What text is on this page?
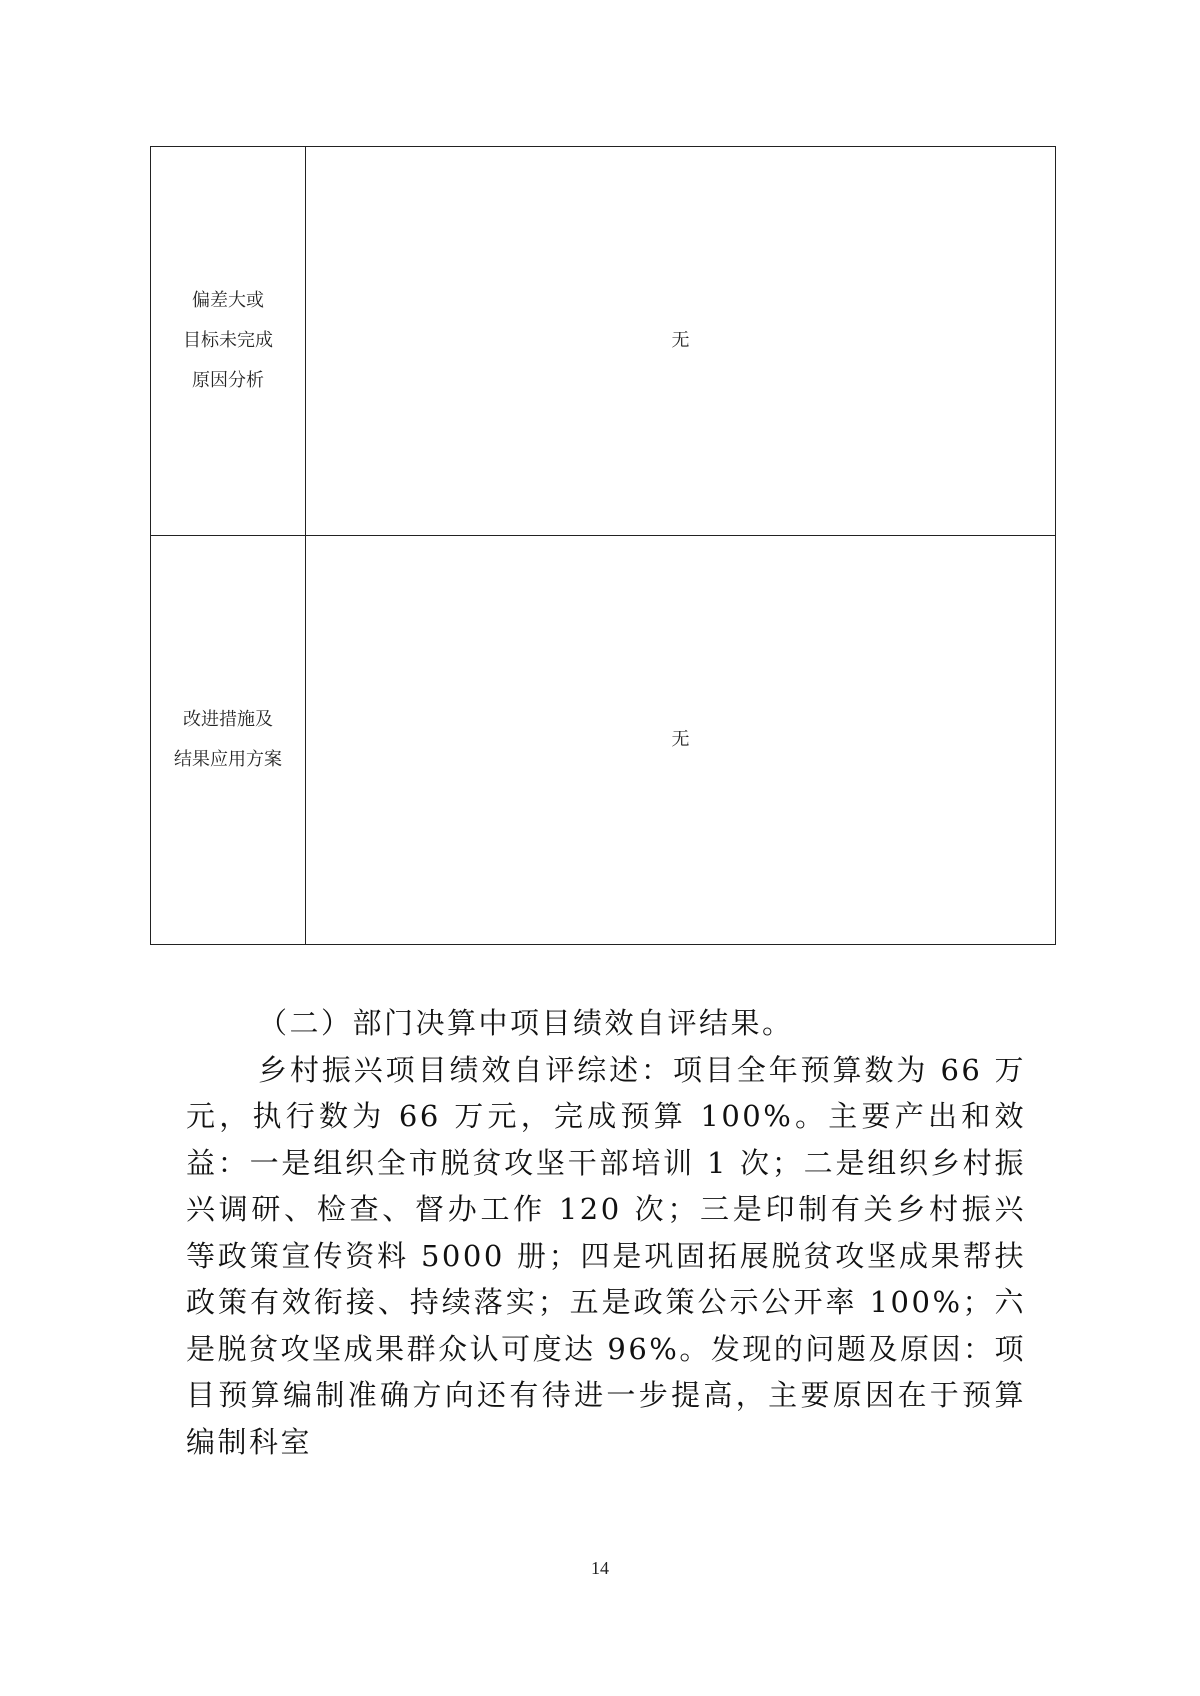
偏差大或
目标未完成
原因分析	无

改进措施及
结果应用方案	无

（二）部门决算中项目绩效自评结果。

乡村振兴项目绩效自评综述：项目全年预算数为 66 万元，执行数为 66 万元，完成预算 100%。主要产出和效益：一是组织全市脱贫攻坚干部培训 1 次；二是组织乡村振兴调研、检查、督办工作 120 次；三是印制有关乡村振兴等政策宣传资料 5000 册；四是巩固拓展脱贫攻坚成果帮扶政策有效衔接、持续落实；五是政策公示公开率 100%；六是脱贫攻坚成果群众认可度达 96%。发现的问题及原因：项目预算编制准确方向还有待进一步提高，主要原因在于预算编制科室

14
